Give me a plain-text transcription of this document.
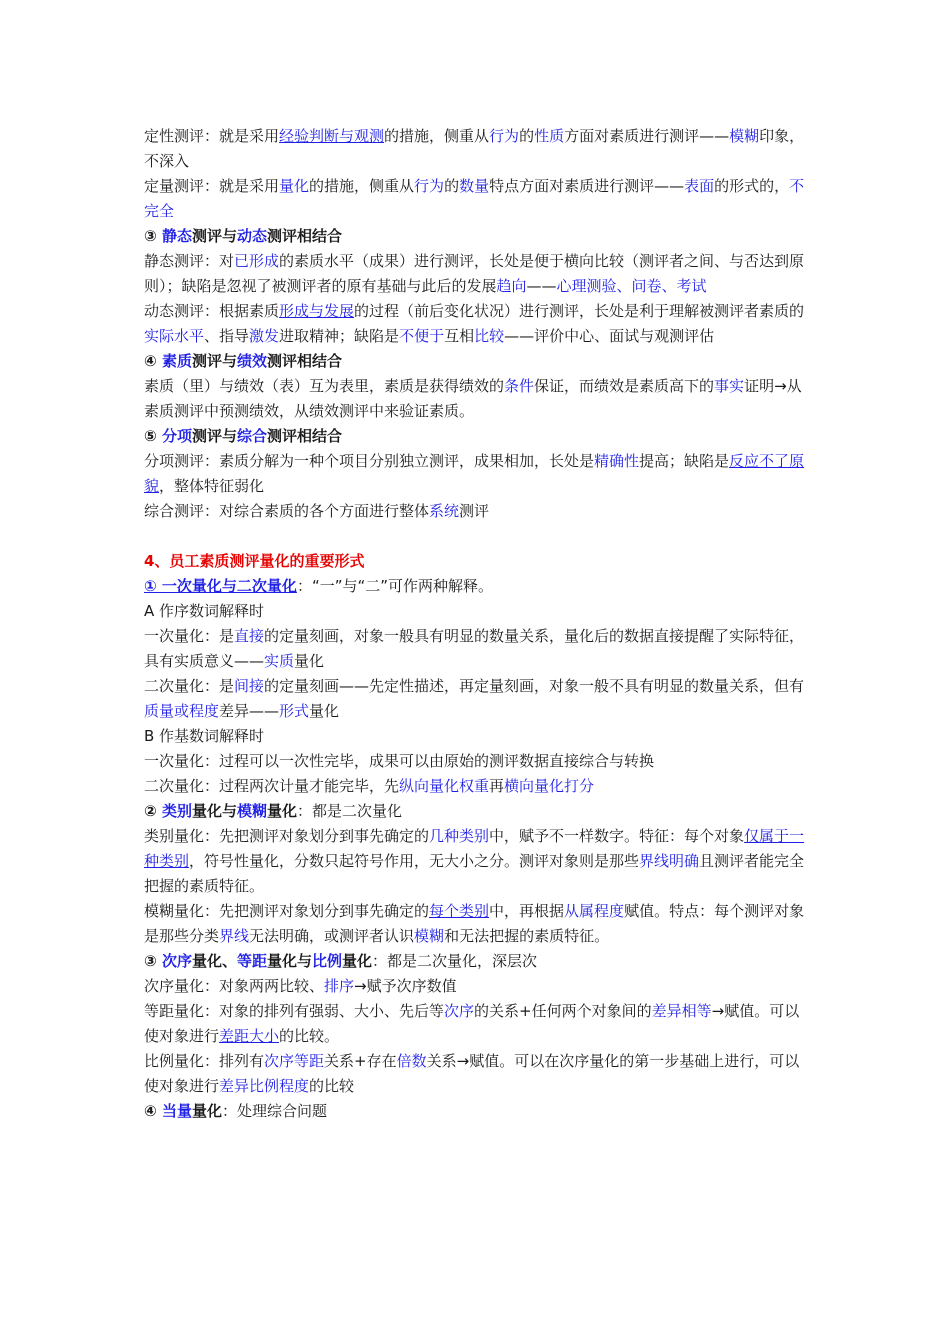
定性测评：就是采用经验判断与观测的措施，侧重从行为的性质方面对素质进行测评——模糊印象，不深入

定量测评：就是采用量化的措施，侧重从行为的数量特点方面对素质进行测评——表面的形式的，不完全

③ 静态测评与动态测评相结合

静态测评：对已形成的素质水平（成果）进行测评，长处是便于横向比较（测评者之间、与否达到原则）；缺陷是忽视了被测评者的原有基础与此后的发展趋向——心理测验、问卷、考试

动态测评：根据素质形成与发展的过程（前后变化状况）进行测评，长处是利于理解被测评者素质的实际水平、指导激发进取精神；缺陷是不便于互相比较——评价中心、面试与观测评估

④ 素质测评与绩效测评相结合

素质（里）与绩效（表）互为表里，素质是获得绩效的条件保证，而绩效是素质高下的事实证明→从素质测评中预测绩效，从绩效测评中来验证素质。

⑤ 分项测评与综合测评相结合

分项测评：素质分解为一种个项目分别独立测评，成果相加，长处是精确性提高；缺陷是反应不了原貌，整体特征弱化

综合测评：对综合素质的各个方面进行整体系统测评

4、员工素质测评量化的重要形式

① 一次量化与二次量化：“一”与“二”可作两种解释。

A 作序数词解释时

一次量化：是直接的定量刻画，对象一般具有明显的数量关系，量化后的数据直接提醒了实际特征，具有实质意义——实质量化

二次量化：是间接的定量刻画——先定性描述，再定量刻画，对象一般不具有明显的数量关系，但有质量或程度差异——形式量化

B 作基数词解释时

一次量化：过程可以一次性完毕，成果可以由原始的测评数据直接综合与转换

二次量化：过程两次计量才能完毕，先纵向量化权重再横向量化打分

② 类别量化与模糊量化：都是二次量化

类别量化：先把测评对象划分到事先确定的几种类别中，赋予不一样数字。特征：每个对象仅属于一种类别，符号性量化，分数只起符号作用，无大小之分。测评对象则是那些界线明确且测评者能完全把握的素质特征。

模糊量化：先把测评对象划分到事先确定的每个类别中，再根据从属程度赋值。特点：每个测评对象是那些分类界线无法明确，或测评者认识模糊和无法把握的素质特征。

③ 次序量化、等距量化与比例量化：都是二次量化，深层次

次序量化：对象两两比较、排序→赋予次序数值

等距量化：对象的排列有强弱、大小、先后等次序的关系+任何两个对象间的差异相等→赋值。可以使对象进行差距大小的比较。

比例量化：排列有次序等距关系+存在倍数关系→赋值。可以在次序量化的第一步基础上进行，可以使对象进行差异比例程度的比较

④ 当量量化：处理综合问题
